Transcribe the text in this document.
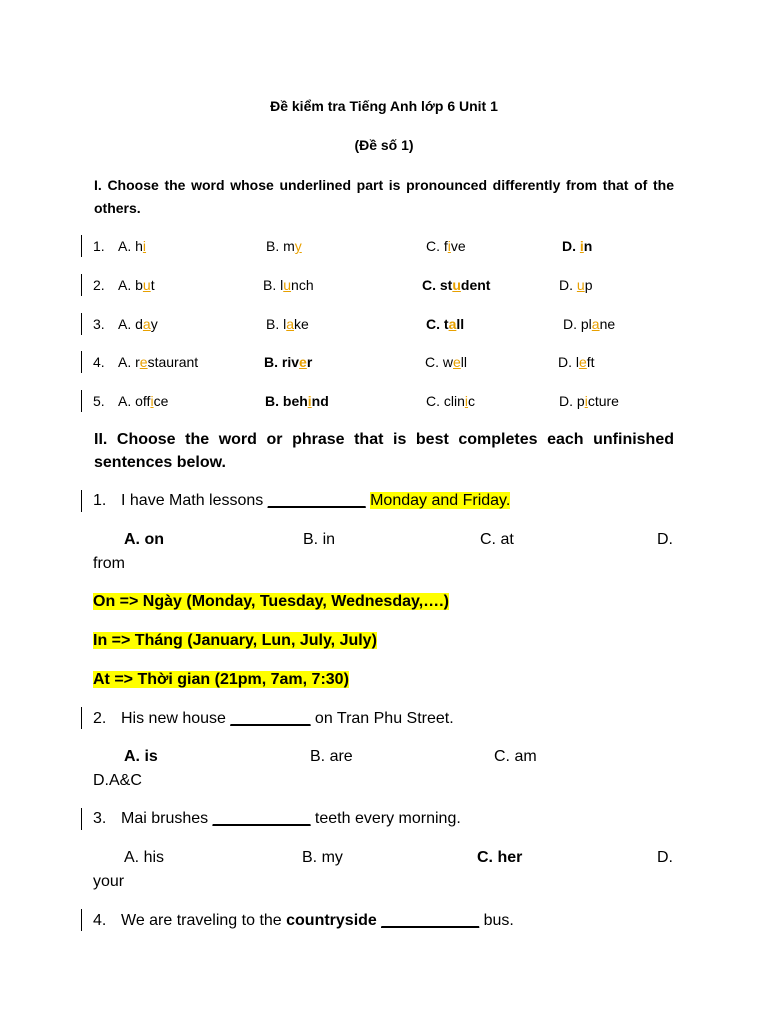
Đề kiểm tra Tiếng Anh lớp 6 Unit 1
(Đề số 1)
I. Choose the word whose underlined part is pronounced differently from that of the others.
1. A. hi	B. my	C. five	D. in
2. A. but	B. lunch	C. student	D. up
3. A. day	B. lake	C. tall	D. plane
4. A. restaurant	B. river	C. well	D. left
5. A. office	B. behind	C. clinic	D. picture
II. Choose the word or phrase that is best completes each unfinished sentences below.
1. I have Math lessons ___________ Monday and Friday.
A. on	B. in	C. at	D.
from
On => Ngày (Monday, Tuesday, Wednesday,….)
In => Tháng (January, Lun, July, July)
At => Thời gian (21pm, 7am, 7:30)
2. His new house _________ on Tran Phu Street.
A. is	B. are	C. am
D.A&C
3. Mai brushes ___________ teeth every morning.
A. his	B. my	C. her	D.
your
4. We are traveling to the countryside ___________ bus.
